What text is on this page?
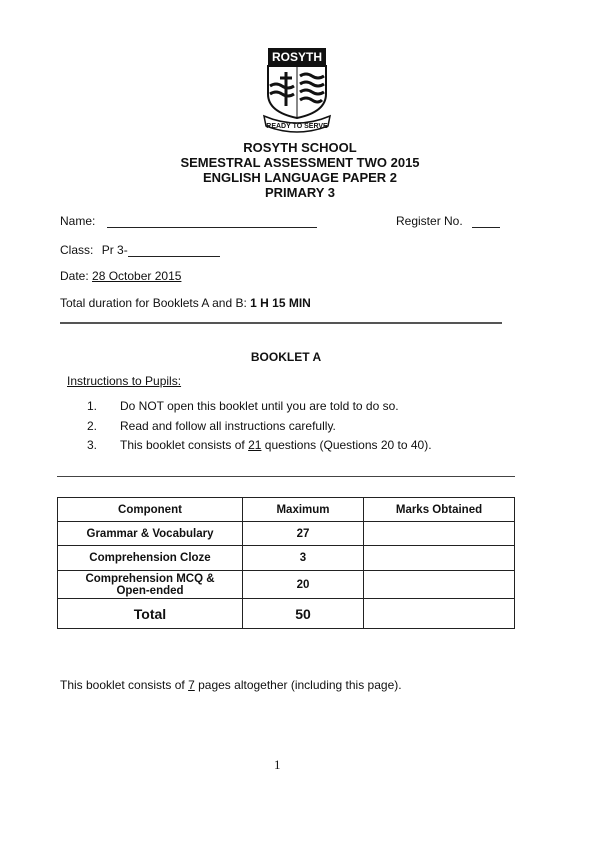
ROSYTH
READY TO SERVE
ROSYTH SCHOOL
SEMESTRAL ASSESSMENT TWO 2015
ENGLISH LANGUAGE PAPER 2
PRIMARY 3
Name:	Register No.
Class: Pr 3-
Date: 28 October 2015
Total duration for Booklets A and B: 1 H 15 MIN
BOOKLET A
Instructions to Pupils:
1. Do NOT open this booklet until you are told to do so.
2. Read and follow all instructions carefully.
3. This booklet consists of 21 questions (Questions 20 to 40).
Component	Maximum	Marks Obtained
Grammar & Vocabulary	27	
Comprehension Cloze	3	
Comprehension MCQ & Open-ended	20	
Total	50	
This booklet consists of 7 pages altogether (including this page).
1
